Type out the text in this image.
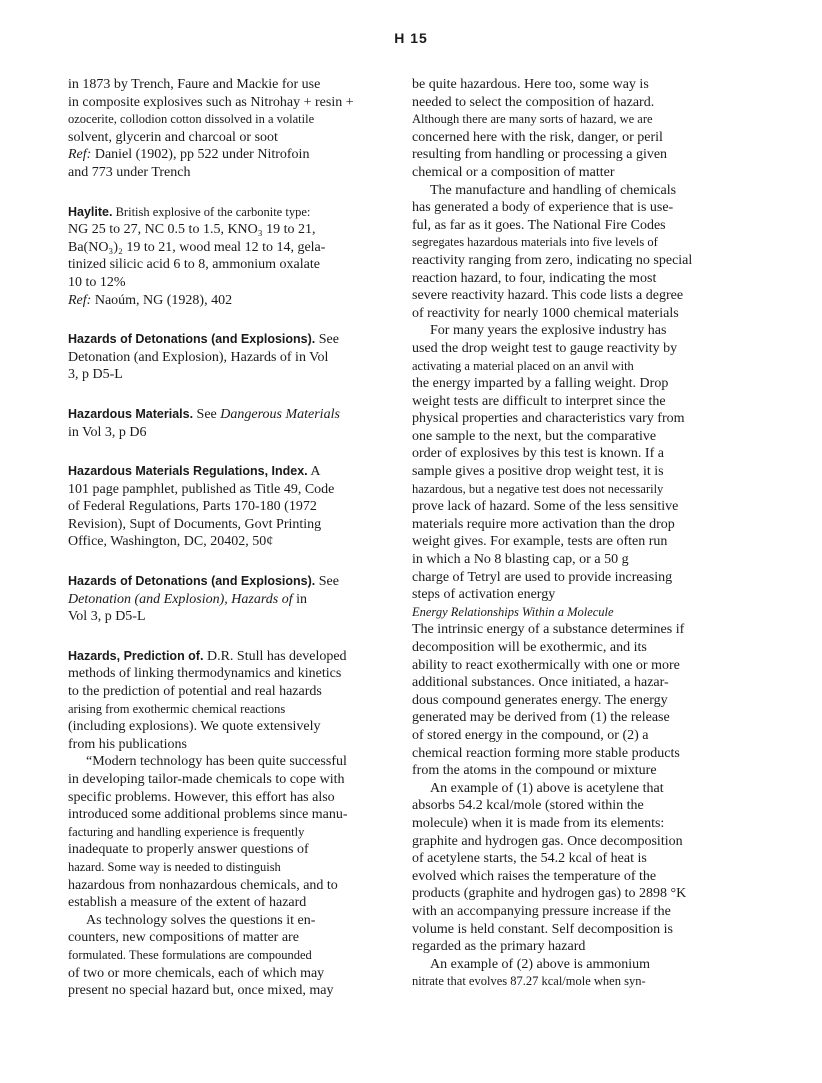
H 15
in 1873 by Trench, Faure and Mackie for use
in composite explosives such as Nitrohay + resin +
ozocerite, collodion cotton dissolved in a volatile
solvent, glycerin and charcoal or soot
Ref: Daniel (1902), pp 522 under Nitrofoin
and 773 under Trench
Haylite. British explosive of the carbonite type:
NG 25 to 27, NC 0.5 to 1.5, KNO₃ 19 to 21,
Ba(NO₃)₂ 19 to 21, wood meal 12 to 14, gela-
tinized silicic acid 6 to 8, ammonium oxalate
10 to 12%
Ref: Naoúm, NG (1928), 402
Hazards of Detonations (and Explosions). See
Detonation (and Explosion), Hazards of in Vol
3, p D5-L
Hazardous Materials. See Dangerous Materials
in Vol 3, p D6
Hazardous Materials Regulations, Index. A
101 page pamphlet, published as Title 49, Code
of Federal Regulations, Parts 170-180 (1972
Revision), Supt of Documents, Govt Printing
Office, Washington, DC, 20402, 50¢
Hazards of Detonations (and Explosions). See
Detonation (and Explosion), Hazards of in
Vol 3, p D5-L
Hazards, Prediction of. D.R. Stull has developed
methods of linking thermodynamics and kinetics
to the prediction of potential and real hazards
arising from exothermic chemical reactions
(including explosions). We quote extensively
from his publications
“Modern technology has been quite successful
in developing tailor-made chemicals to cope with
specific problems. However, this effort has also
introduced some additional problems since manu-
facturing and handling experience is frequently
inadequate to properly answer questions of
hazard. Some way is needed to distinguish
hazardous from nonhazardous chemicals, and to
establish a measure of the extent of hazard
As technology solves the questions it en-
counters, new compositions of matter are
formulated. These formulations are compounded
of two or more chemicals, each of which may
present no special hazard but, once mixed, may
be quite hazardous. Here too, some way is
needed to select the composition of hazard.
Although there are many sorts of hazard, we are
concerned here with the risk, danger, or peril
resulting from handling or processing a given
chemical or a composition of matter
The manufacture and handling of chemicals
has generated a body of experience that is use-
ful, as far as it goes. The National Fire Codes
segregates hazardous materials into five levels of
reactivity ranging from zero, indicating no special
reaction hazard, to four, indicating the most
severe reactivity hazard. This code lists a degree
of reactivity for nearly 1000 chemical materials
For many years the explosive industry has
used the drop weight test to gauge reactivity by
activating a material placed on an anvil with
the energy imparted by a falling weight. Drop
weight tests are difficult to interpret since the
physical properties and characteristics vary from
one sample to the next, but the comparative
order of explosives by this test is known. If a
sample gives a positive drop weight test, it is
hazardous, but a negative test does not necessarily
prove lack of hazard. Some of the less sensitive
materials require more activation than the drop
weight gives. For example, tests are often run
in which a No 8 blasting cap, or a 50 g
charge of Tetryl are used to provide increasing
steps of activation energy
Energy Relationships Within a Molecule
The intrinsic energy of a substance determines if
decomposition will be exothermic, and its
ability to react exothermically with one or more
additional substances. Once initiated, a hazar-
dous compound generates energy. The energy
generated may be derived from (1) the release
of stored energy in the compound, or (2) a
chemical reaction forming more stable products
from the atoms in the compound or mixture
An example of (1) above is acetylene that
absorbs 54.2 kcal/mole (stored within the
molecule) when it is made from its elements:
graphite and hydrogen gas. Once decomposition
of acetylene starts, the 54.2 kcal of heat is
evolved which raises the temperature of the
products (graphite and hydrogen gas) to 2898 °K
with an accompanying pressure increase if the
volume is held constant. Self decomposition is
regarded as the primary hazard
An example of (2) above is ammonium
nitrate that evolves 87.27 kcal/mole when syn-
